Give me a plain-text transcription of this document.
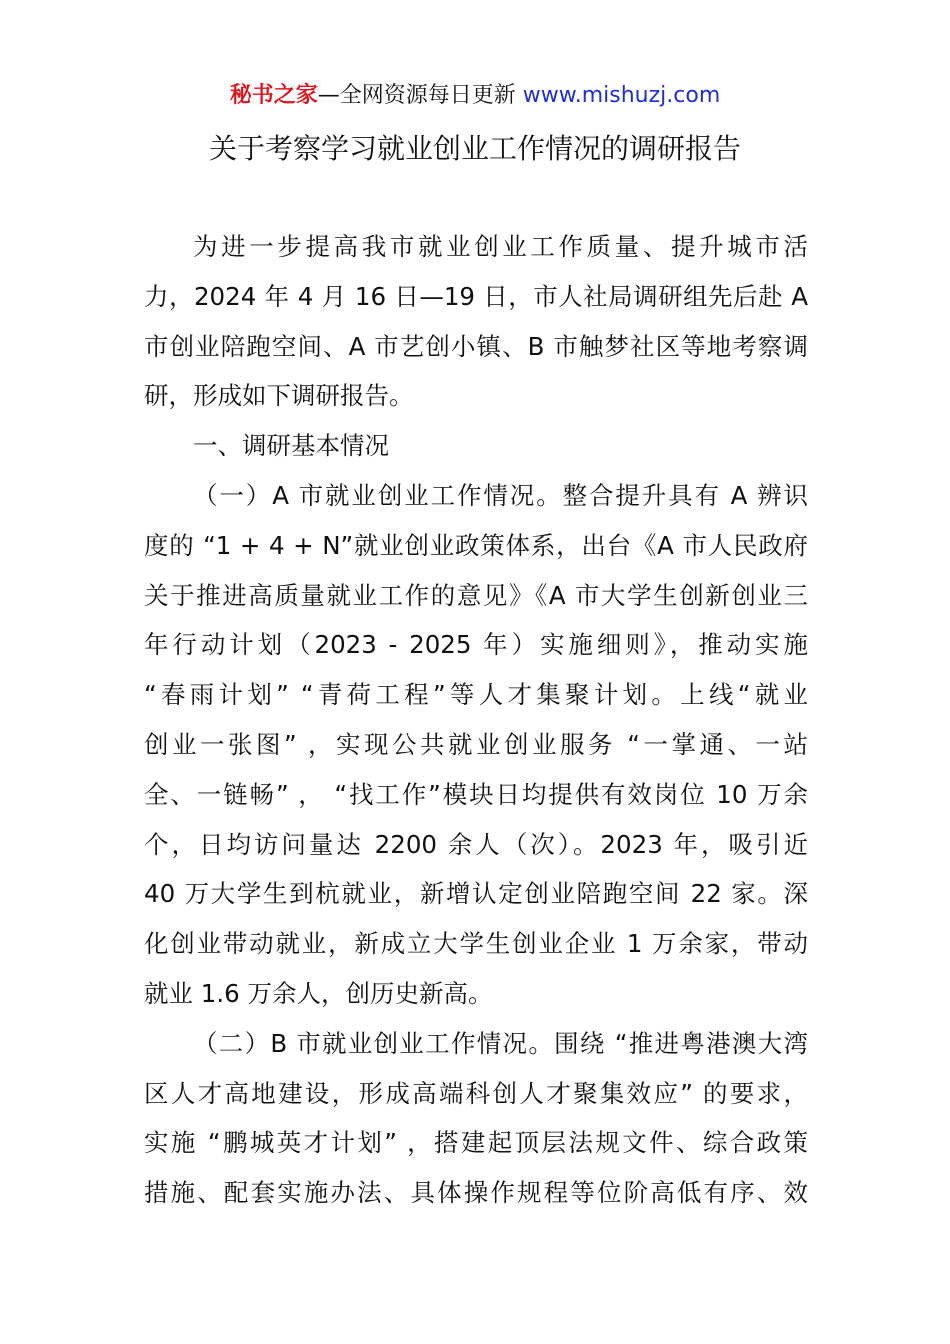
秘书之家—全网资源每日更新 www.mishuzj.com
关于考察学习就业创业工作情况的调研报告
为进一步提高我市就业创业工作质量、提升城市活
力，2024 年 4 月 16 日—19 日，市人社局调研组先后赴 A
市创业陪跑空间、A 市艺创小镇、B 市触梦社区等地考察调
研，形成如下调研报告。
一、调研基本情况
（一）A 市就业创业工作情况。整合提升具有 A 辨识
度的 “1 + 4 + N”就业创业政策体系，出台《A 市人民政府
关于推进高质量就业工作的意见》《A 市大学生创新创业三
年行动计划（2023 - 2025 年）实施细则》，推动实施
“春雨计划” “青荷工程”等人才集聚计划。上线“就业
创业一张图” ，实现公共就业创业服务 “一掌通、一站
全、一链畅” ， “找工作”模块日均提供有效岗位 10 万余
个，日均访问量达 2200 余人（次）。2023 年，吸引近
40 万大学生到杭就业，新增认定创业陪跑空间 22 家。深
化创业带动就业，新成立大学生创业企业 1 万余家，带动
就业 1.6 万余人，创历史新高。
（二）B 市就业创业工作情况。围绕 “推进粤港澳大湾
区人才高地建设，形成高端科创人才聚集效应” 的要求，
实施 “鹏城英才计划” ，搭建起顶层法规文件、综合政策
措施、配套实施办法、具体操作规程等位阶高低有序、效
